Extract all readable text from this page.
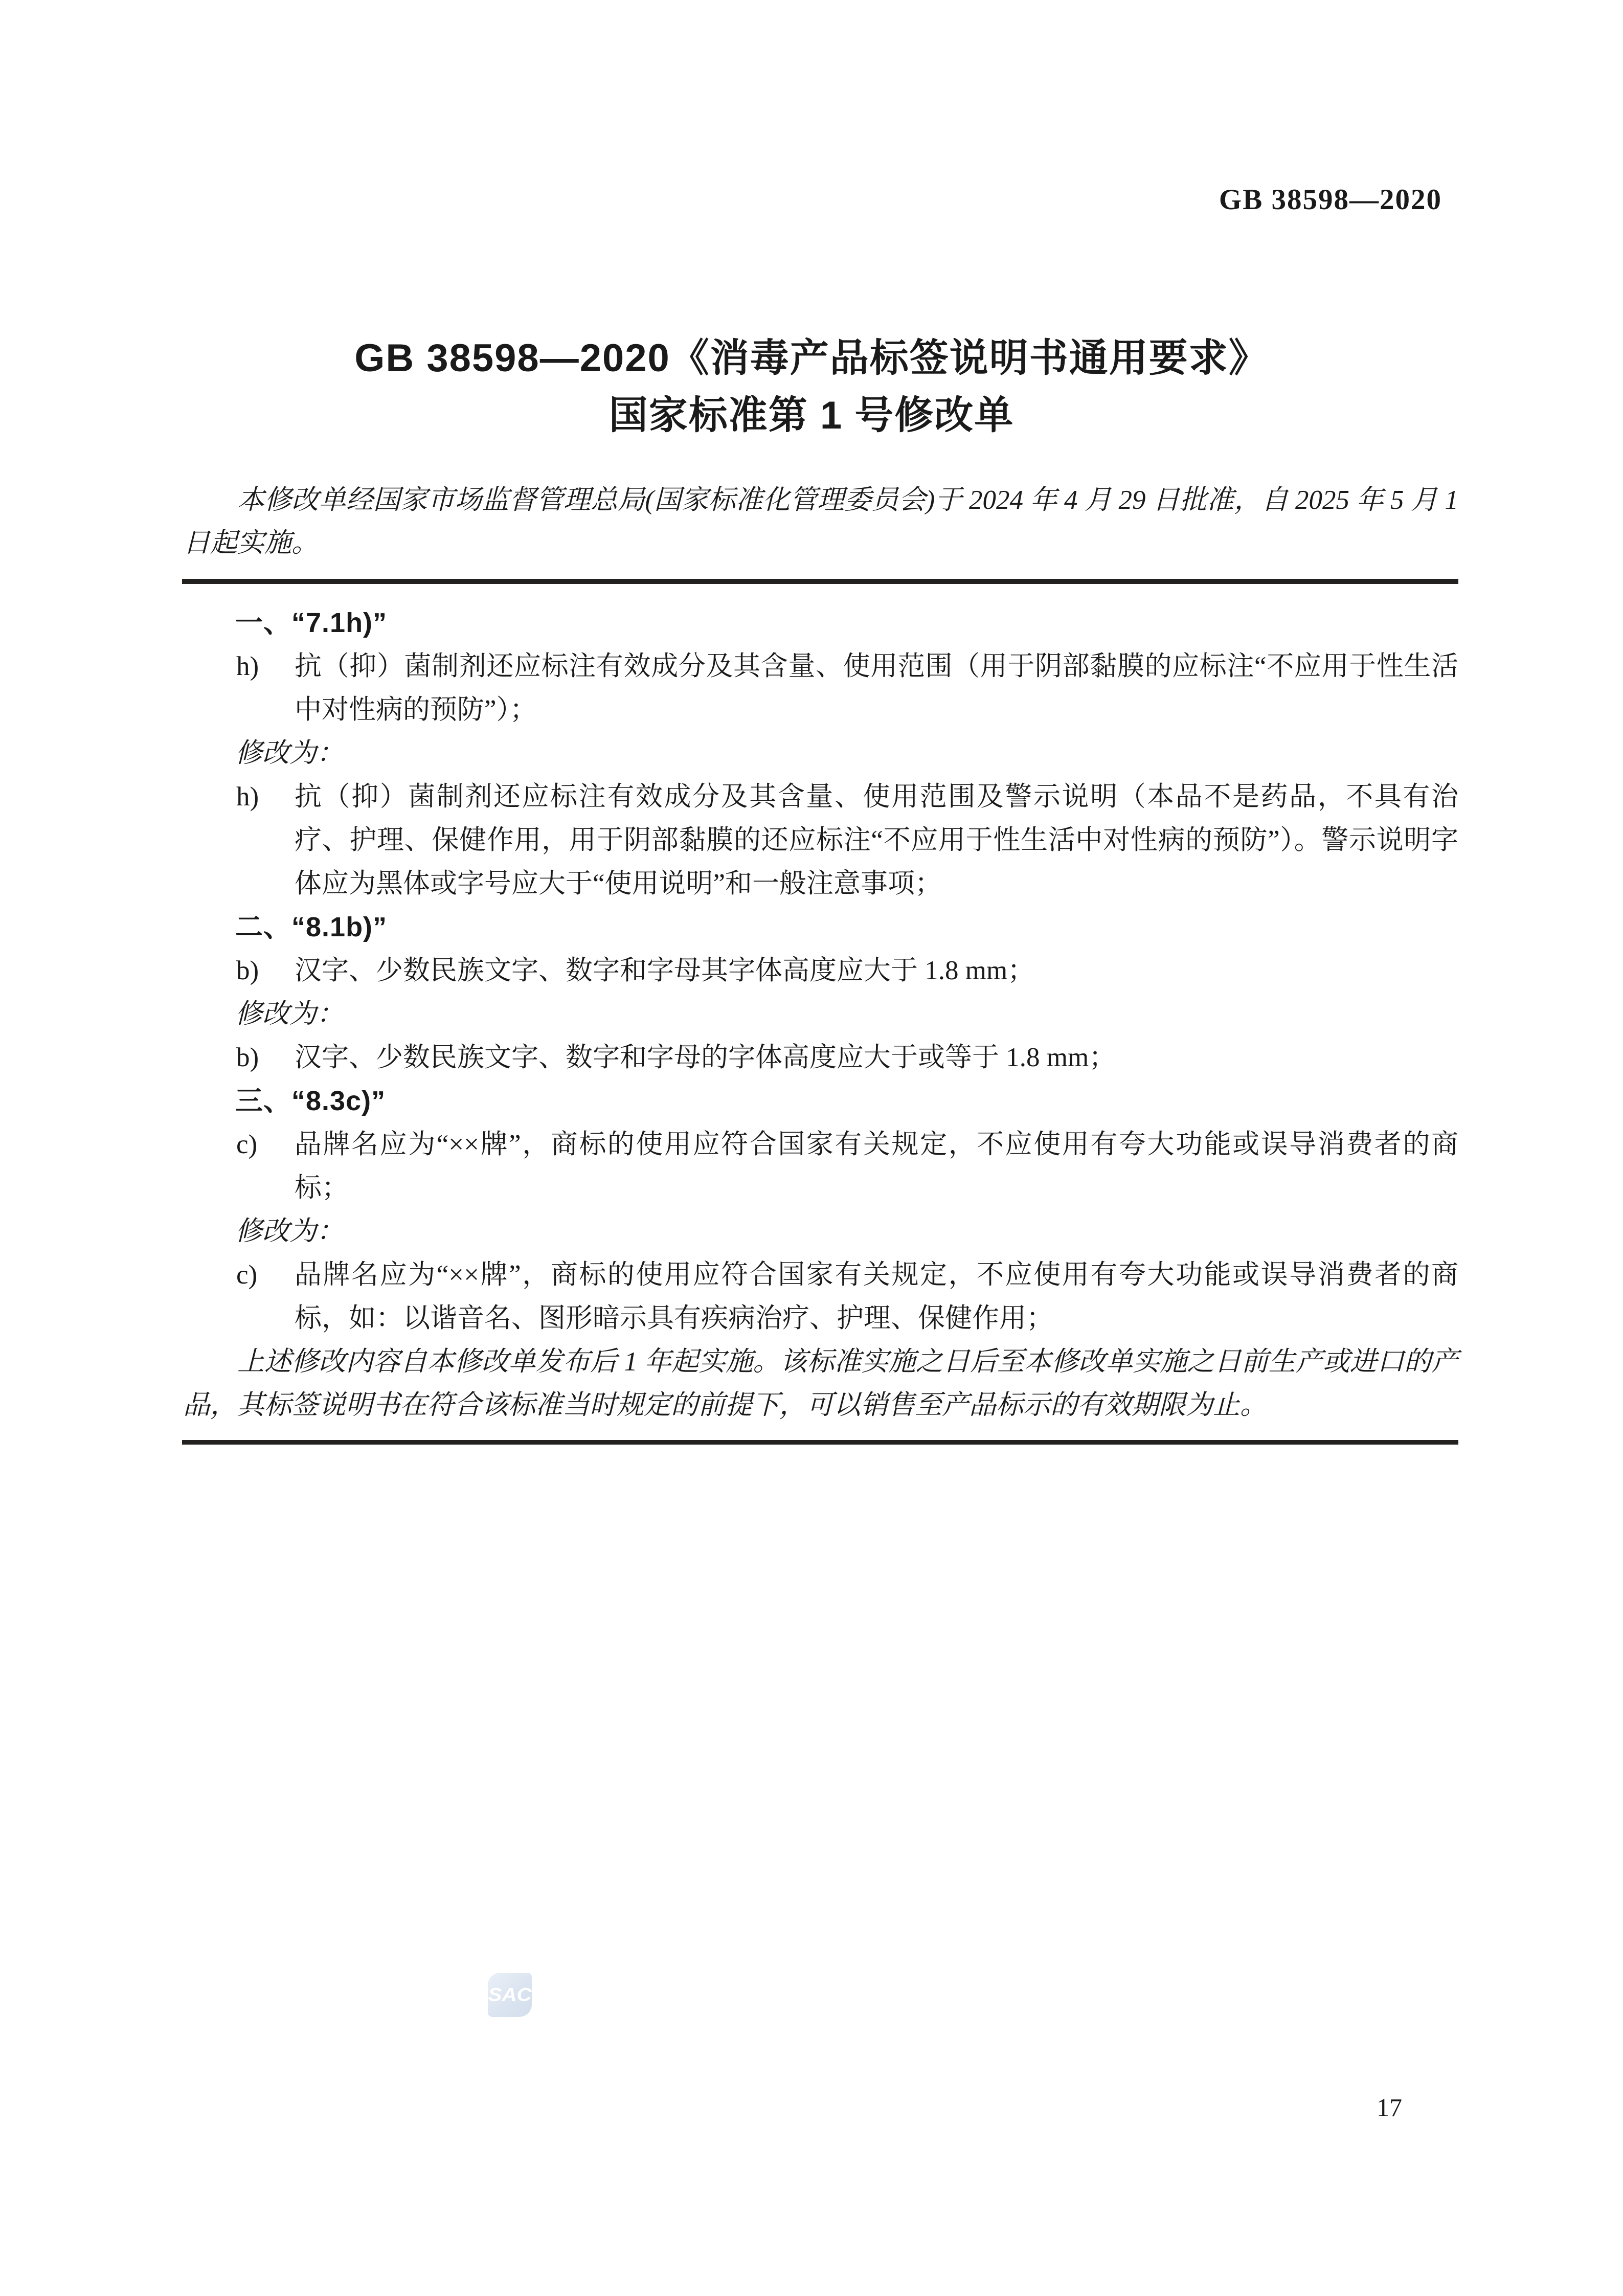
GB 38598—2020
GB 38598—2020《消毒产品标签说明书通用要求》
国家标准第 1 号修改单

本修改单经国家市场监督管理总局(国家标准化管理委员会)于 2024 年 4 月 29 日批准，自 2025 年 5 月 1 日起实施。

一、“7.1h)”
h) 抗（抑）菌制剂还应标注有效成分及其含量、使用范围（用于阴部黏膜的应标注“不应用于性生活中对性病的预防”）；
修改为：
h) 抗（抑）菌制剂还应标注有效成分及其含量、使用范围及警示说明（本品不是药品，不具有治疗、护理、保健作用，用于阴部黏膜的还应标注“不应用于性生活中对性病的预防”）。警示说明字体应为黑体或字号应大于“使用说明”和一般注意事项；
二、“8.1b)”
b) 汉字、少数民族文字、数字和字母其字体高度应大于 1.8 mm；
修改为：
b) 汉字、少数民族文字、数字和字母的字体高度应大于或等于 1.8 mm；
三、“8.3c)”
c) 品牌名应为“××牌”，商标的使用应符合国家有关规定，不应使用有夸大功能或误导消费者的商标；
修改为：
c) 品牌名应为“××牌”，商标的使用应符合国家有关规定，不应使用有夸大功能或误导消费者的商标，如：以谐音名、图形暗示具有疾病治疗、护理、保健作用；

上述修改内容自本修改单发布后 1 年起实施。该标准实施之日后至本修改单实施之日前生产或进口的产品，其标签说明书在符合该标准当时规定的前提下，可以销售至产品标示的有效期限为止。

SAC
17
